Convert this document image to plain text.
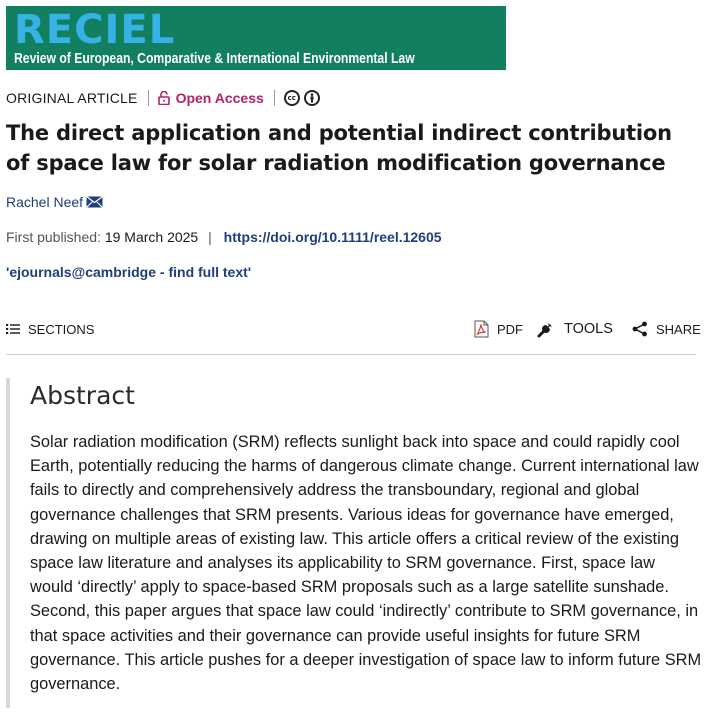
RECIEL
Review of European, Comparative & International Environmental Law
ORIGINAL ARTICLE	Open Access	cc
The direct application and potential indirect contribution of space law for solar radiation modification governance
Rachel Neef
First published: 19 March 2025 | https://doi.org/10.1111/reel.12605
'ejournals@cambridge - find full text'
SECTIONS	PDF	TOOLS	SHARE
Abstract

Solar radiation modification (SRM) reflects sunlight back into space and could rapidly cool Earth, potentially reducing the harms of dangerous climate change. Current international law fails to directly and comprehensively address the transboundary, regional and global governance challenges that SRM presents. Various ideas for governance have emerged, drawing on multiple areas of existing law. This article offers a critical review of the existing space law literature and analyses its applicability to SRM governance. First, space law would ‘directly’ apply to space-based SRM proposals such as a large satellite sunshade. Second, this paper argues that space law could ‘indirectly’ contribute to SRM governance, in that space activities and their governance can provide useful insights for future SRM governance. This article pushes for a deeper investigation of space law to inform future SRM governance.
